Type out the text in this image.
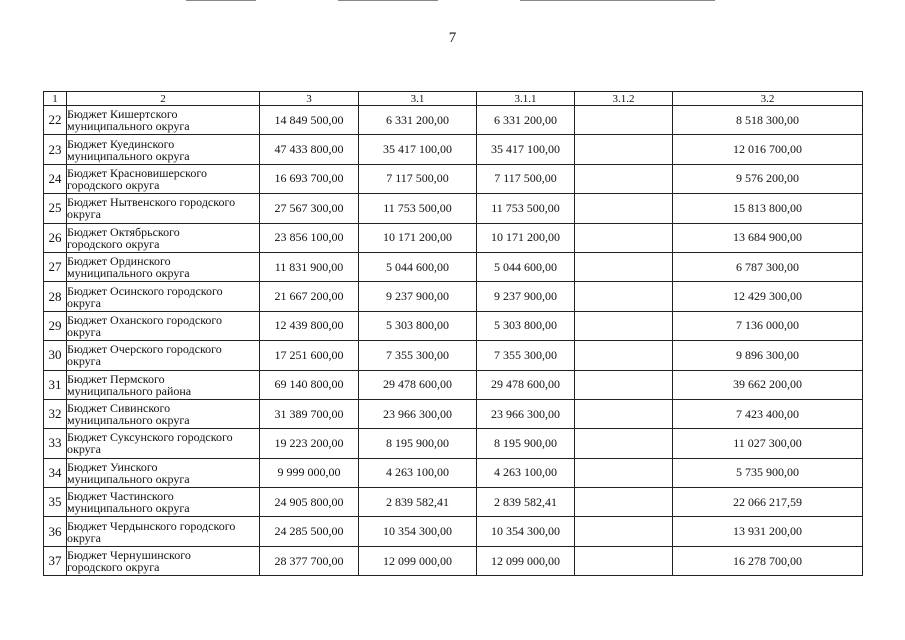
7
1	2	3	3.1	3.1.1	3.1.2	3.2
22	Бюджет Кишертского
муниципального округа	14 849 500,00	6 331 200,00	6 331 200,00		8 518 300,00
23	Бюджет Куединского
муниципального округа	47 433 800,00	35 417 100,00	35 417 100,00		12 016 700,00
24	Бюджет Красновишерского
городского округа	16 693 700,00	7 117 500,00	7 117 500,00		9 576 200,00
25	Бюджет Нытвенского городского
округа	27 567 300,00	11 753 500,00	11 753 500,00		15 813 800,00
26	Бюджет Октябрьского
городского округа	23 856 100,00	10 171 200,00	10 171 200,00		13 684 900,00
27	Бюджет Ординского
муниципального округа	11 831 900,00	5 044 600,00	5 044 600,00		6 787 300,00
28	Бюджет Осинского городского
округа	21 667 200,00	9 237 900,00	9 237 900,00		12 429 300,00
29	Бюджет Оханского городского
округа	12 439 800,00	5 303 800,00	5 303 800,00		7 136 000,00
30	Бюджет Очерского городского
округа	17 251 600,00	7 355 300,00	7 355 300,00		9 896 300,00
31	Бюджет Пермского
муниципального района	69 140 800,00	29 478 600,00	29 478 600,00		39 662 200,00
32	Бюджет Сивинского
муниципального округа	31 389 700,00	23 966 300,00	23 966 300,00		7 423 400,00
33	Бюджет Суксунского городского
округа	19 223 200,00	8 195 900,00	8 195 900,00		11 027 300,00
34	Бюджет Уинского
муниципального округа	9 999 000,00	4 263 100,00	4 263 100,00		5 735 900,00
35	Бюджет Частинского
муниципального округа	24 905 800,00	2 839 582,41	2 839 582,41		22 066 217,59
36	Бюджет Чердынского городского
округа	24 285 500,00	10 354 300,00	10 354 300,00		13 931 200,00
37	Бюджет Чернушинского
городского округа	28 377 700,00	12 099 000,00	12 099 000,00		16 278 700,00
